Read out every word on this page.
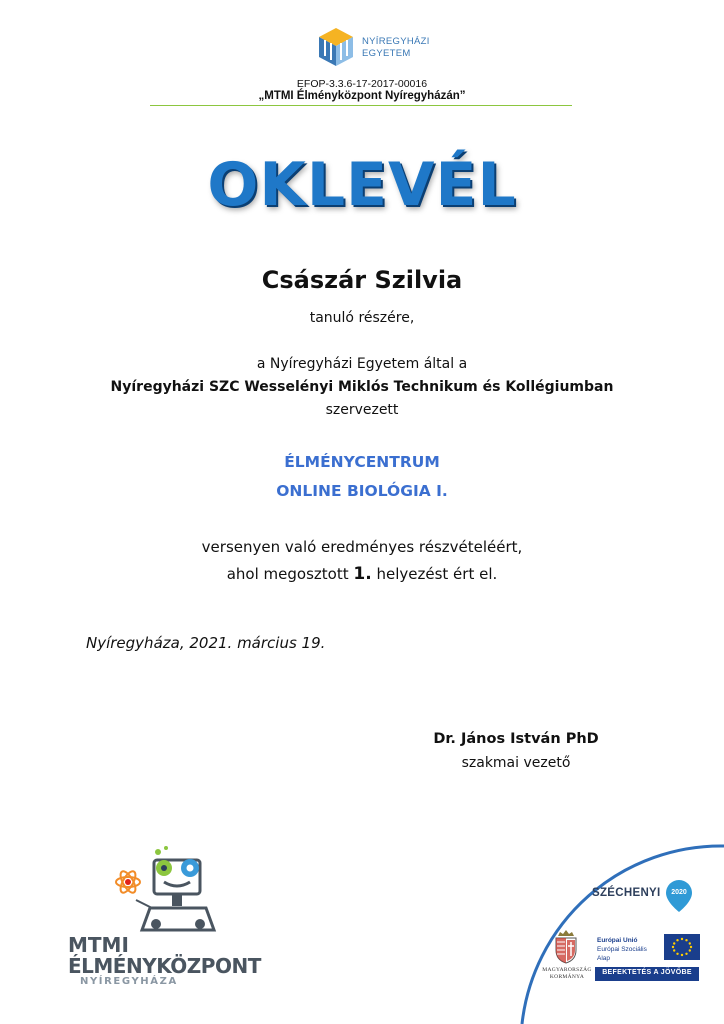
NYÍREGYHÁZI
EGYETEM
EFOP-3.3.6-17-2017-00016
„MTMI Élményközpont Nyíregyházán”
OKLEVÉL
Császár Szilvia
tanuló részére,
a Nyíregyházi Egyetem által a
Nyíregyházi SZC Wesselényi Miklós Technikum és Kollégiumban
szervezett
ÉLMÉNYCENTRUM
ONLINE BIOLÓGIA I.
versenyen való eredményes részvételéért,
ahol megosztott 1. helyezést ért el.
Nyíregyháza, 2021. március 19.
Dr. János István PhD
szakmai vezető
MTMI
ÉLMÉNYKÖZPONT
NYÍREGYHÁZA
SZÉCHENYI	2020
MAGYARORSZÁG
KORMÁNYA
Európai Unió
Európai Szociális
Alap
BEFEKTETÉS A JÖVŐBE
